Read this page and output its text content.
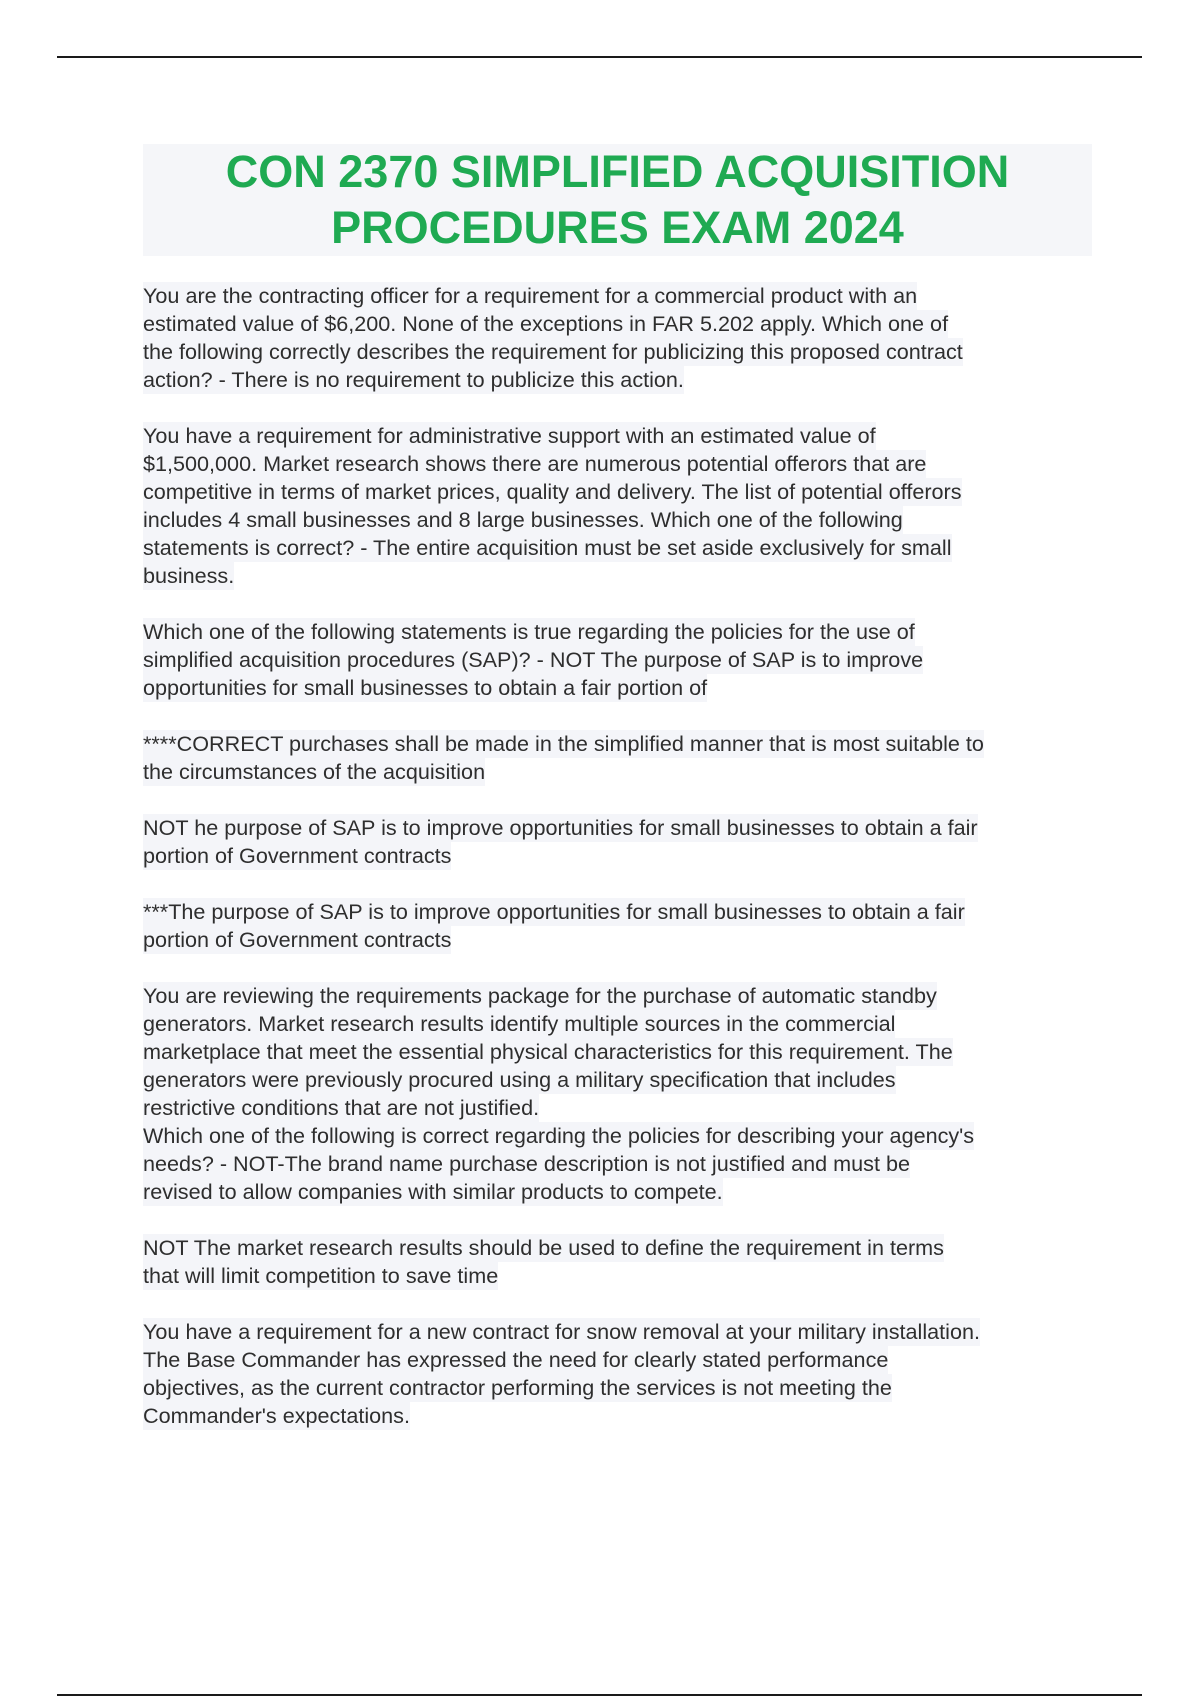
CON 2370 SIMPLIFIED ACQUISITION
PROCEDURES EXAM 2024
You are the contracting officer for a requirement for a commercial product with an
estimated value of $6,200. None of the exceptions in FAR 5.202 apply. Which one of
the following correctly describes the requirement for publicizing this proposed contract
action? - There is no requirement to publicize this action.
You have a requirement for administrative support with an estimated value of
$1,500,000. Market research shows there are numerous potential offerors that are
competitive in terms of market prices, quality and delivery. The list of potential offerors
includes 4 small businesses and 8 large businesses. Which one of the following
statements is correct? - The entire acquisition must be set aside exclusively for small
business.
Which one of the following statements is true regarding the policies for the use of
simplified acquisition procedures (SAP)? - NOT The purpose of SAP is to improve
opportunities for small businesses to obtain a fair portion of
****CORRECT purchases shall be made in the simplified manner that is most suitable to
the circumstances of the acquisition
NOT he purpose of SAP is to improve opportunities for small businesses to obtain a fair
portion of Government contracts
***The purpose of SAP is to improve opportunities for small businesses to obtain a fair
portion of Government contracts
You are reviewing the requirements package for the purchase of automatic standby
generators. Market research results identify multiple sources in the commercial
marketplace that meet the essential physical characteristics for this requirement. The
generators were previously procured using a military specification that includes
restrictive conditions that are not justified.
Which one of the following is correct regarding the policies for describing your agency's
needs? - NOT-The brand name purchase description is not justified and must be
revised to allow companies with similar products to compete.
NOT The market research results should be used to define the requirement in terms
that will limit competition to save time
You have a requirement for a new contract for snow removal at your military installation.
The Base Commander has expressed the need for clearly stated performance
objectives, as the current contractor performing the services is not meeting the
Commander's expectations.
